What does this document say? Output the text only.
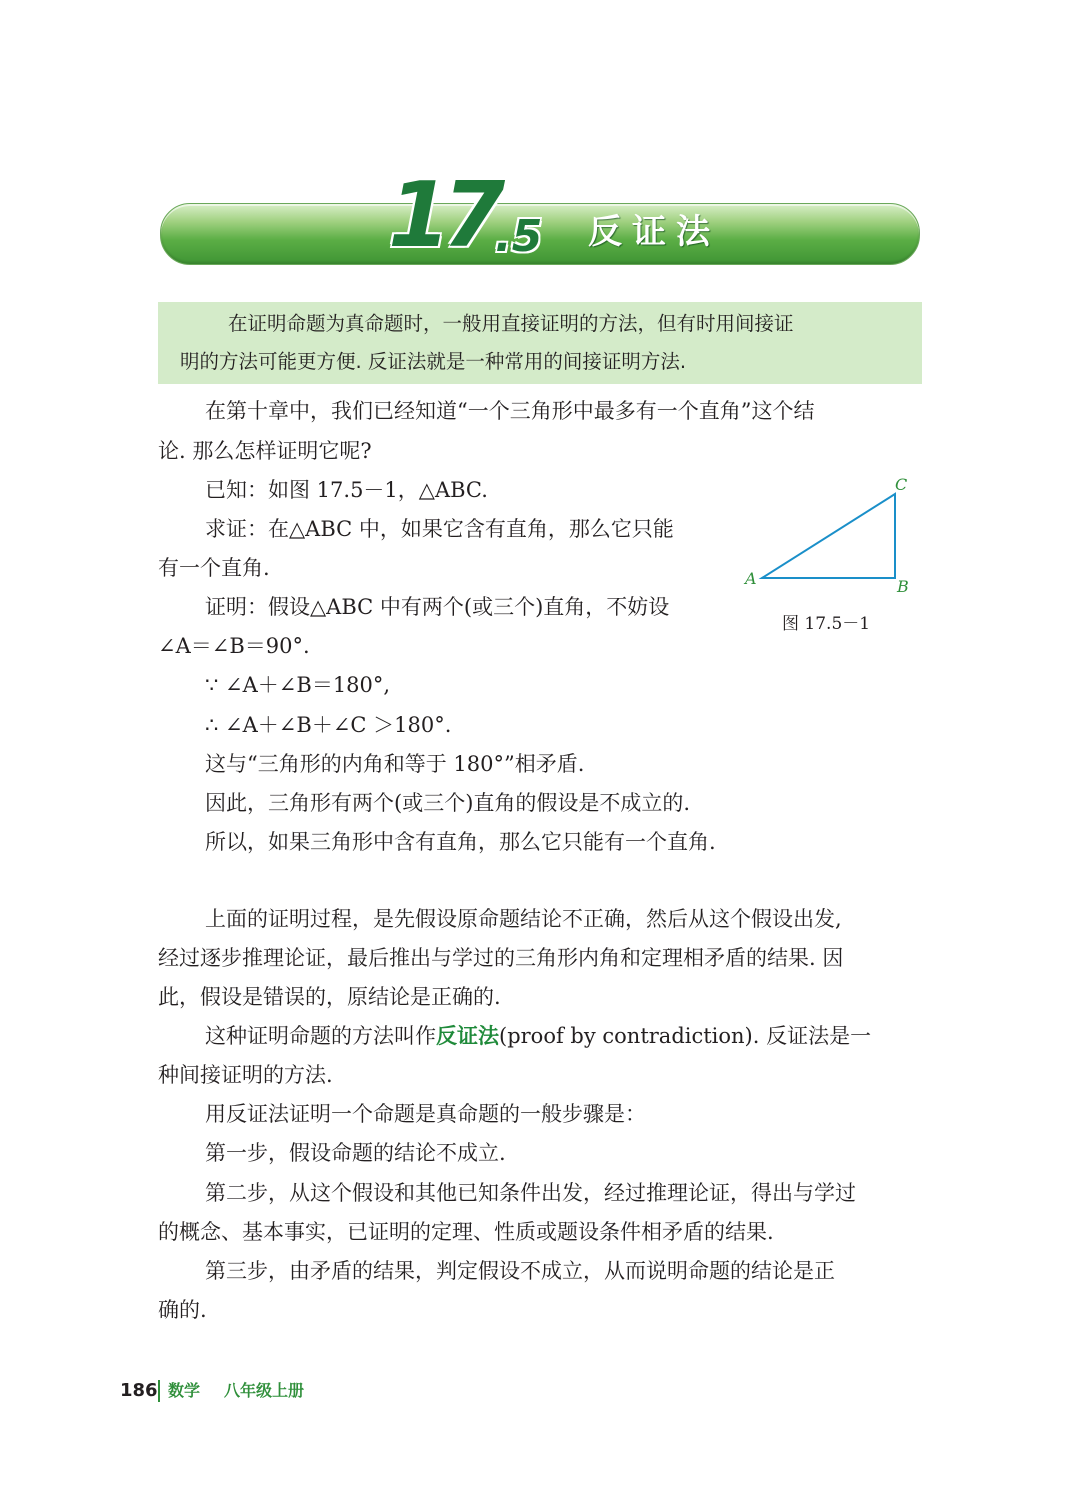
17
.5 反证法
在证明命题为真命题时，一般用直接证明的方法，但有时用间接证
明的方法可能更方便. 反证法就是一种常用的间接证明方法.
在第十章中，我们已经知道“一个三角形中最多有一个直角”这个结
论. 那么怎样证明它呢?
已知：如图 17.5－1，△ABC.
求证：在△ABC 中，如果它含有直角，那么它只能
有一个直角.
证明：假设△ABC 中有两个(或三个)直角，不妨设
∠A＝∠B＝90°.
∵ ∠A＋∠B＝180°,
∴ ∠A＋∠B＋∠C ＞180°.
这与“三角形的内角和等于 180°”相矛盾.
因此，三角形有两个(或三个)直角的假设是不成立的.
所以，如果三角形中含有直角，那么它只能有一个直角.
上面的证明过程，是先假设原命题结论不正确，然后从这个假设出发,
经过逐步推理论证，最后推出与学过的三角形内角和定理相矛盾的结果. 因
此，假设是错误的，原结论是正确的.
这种证明命题的方法叫作反证法(proof by contradiction). 反证法是一
种间接证明的方法.
用反证法证明一个命题是真命题的一般步骤是：
第一步，假设命题的结论不成立.
第二步，从这个假设和其他已知条件出发，经过推理论证，得出与学过
的概念、基本事实，已证明的定理、性质或题设条件相矛盾的结果.
第三步，由矛盾的结果，判定假设不成立，从而说明命题的结论是正
确的.
A	B
C
图 17.5－1
186 数学 八年级上册
